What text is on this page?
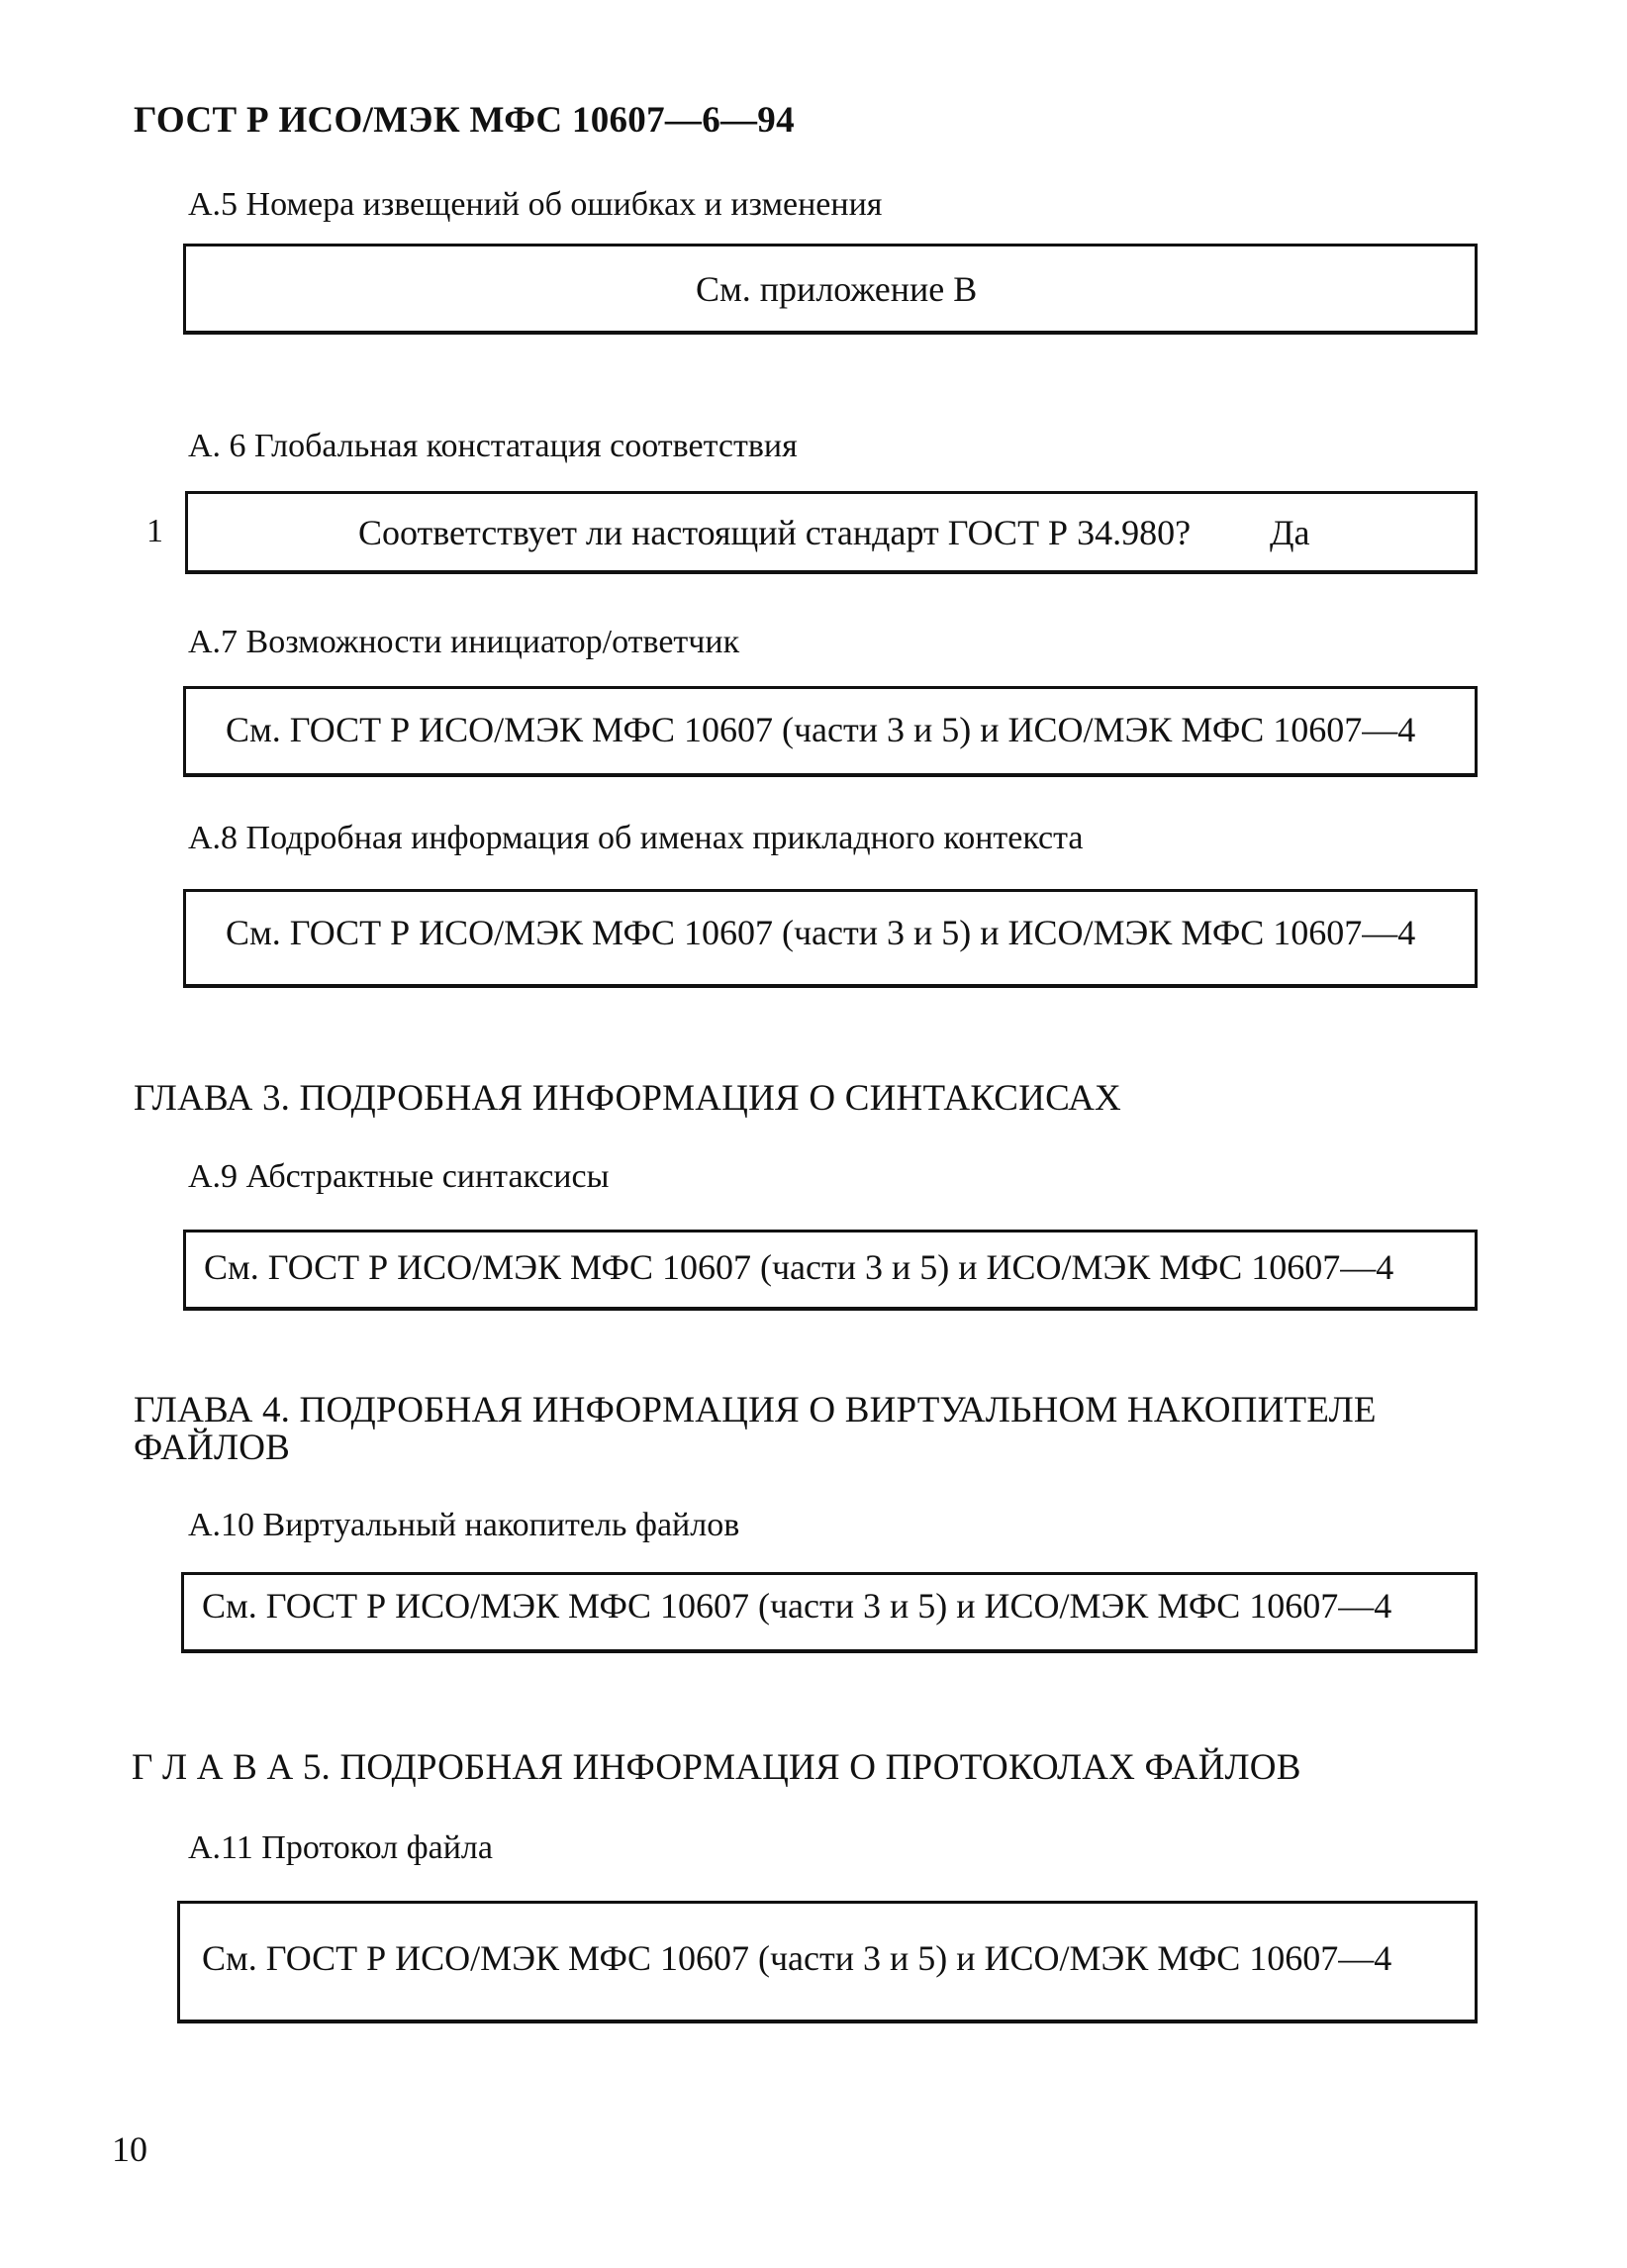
ГОСТ Р ИСО/МЭК МФС 10607—6—94
А.5 Номера извещений об ошибках и изменения
См. приложение В
А. 6 Глобальная констатация соответствия
1	Соответствует ли настоящий стандарт ГОСТ Р 34.980? Да
А.7 Возможности инициатор/ответчик
См. ГОСТ Р ИСО/МЭК МФС 10607 (части 3 и 5) и ИСО/МЭК МФС 10607—4
А.8 Подробная информация об именах прикладного контекста
См. ГОСТ Р ИСО/МЭК МФС 10607 (части 3 и 5) и ИСО/МЭК МФС 10607—4
ГЛАВА 3. ПОДРОБНАЯ ИНФОРМАЦИЯ О СИНТАКСИСАХ
А.9 Абстрактные синтаксисы
См. ГОСТ Р ИСО/МЭК МФС 10607 (части 3 и 5) и ИСО/МЭК МФС 10607—4
ГЛАВА 4. ПОДРОБНАЯ ИНФОРМАЦИЯ О ВИРТУАЛЬНОМ НАКОПИТЕЛЕ
ФАЙЛОВ
А.10 Виртуальный накопитель файлов
См. ГОСТ Р ИСО/МЭК МФС 10607 (части 3 и 5) и ИСО/МЭК МФС 10607—4
Г Л А В А 5. ПОДРОБНАЯ ИНФОРМАЦИЯ О ПРОТОКОЛАХ ФАЙЛОВ
А.11 Протокол файла
См. ГОСТ Р ИСО/МЭК МФС 10607 (части 3 и 5) и ИСО/МЭК МФС 10607—4
10
